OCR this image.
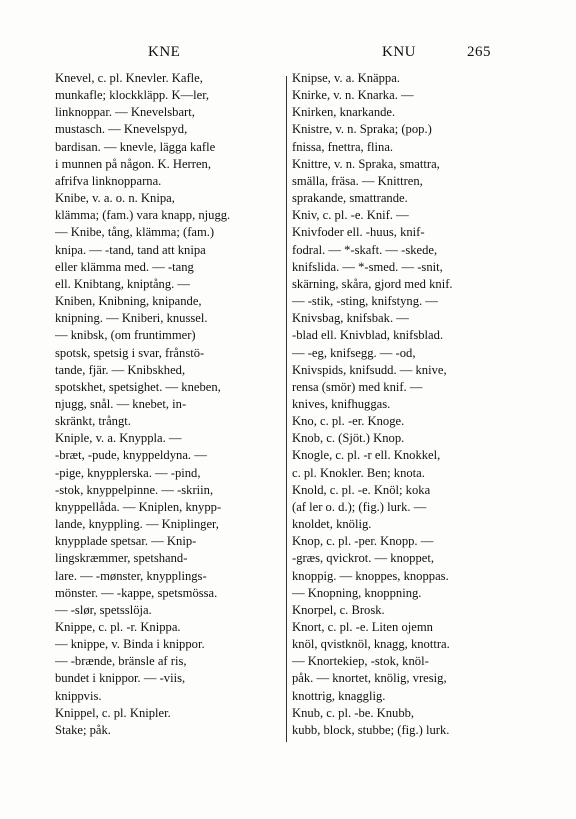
KNE	KNU	265
Knevel, c. pl. Knevler. Kafle,
munkafle; klockkläpp. K—ler,
linknoppar. — Knevelsbart,
mustasch. — Knevelspyd,
bardisan. — knevle, lägga kafle
i munnen på någon. K. Herren,
afrifva linknopparna.
Knibe, v. a. o. n. Knipa,
klämma; (fam.) vara knapp, njugg.
— Knibe, tång, klämma; (fam.)
knipa. — -tand, tand att knipa
eller klämma med. — -tang
ell. Knibtang, kniptång. —
Kniben, Knibning, knipande,
knipning. — Kniberi, knussel.
— knibsk, (om fruntimmer)
spotsk, spetsig i svar, frånstö-
tande, fjär. — Knibskhed,
spotskhet, spetsighet. — kneben,
njugg, snål. — knebet, in-
skränkt, trångt.
Kniple, v. a. Knyppla. —
-bræt, -pude, knyppeldyna. —
-pige, knypplerska. — -pind,
-stok, knyppelpinne. — -skriin,
knyppellåda. — Kniplen, knypp-
lande, knyppling. — Kniplinger,
knypplade spetsar. — Knip-
lingskræmmer, spetshand-
lare. — -mønster, knypplings-
mönster. — -kappe, spetsmössa.
— -slør, spetsslöja.
Knippe, c. pl. -r. Knippa.
— knippe, v. Binda i knippor.
— -brænde, bränsle af ris,
bundet i knippor. — -viis,
knippvis.
Knippel, c. pl. Knipler.
Stake; påk.
Knipse, v. a. Knäppa.
Knirke, v. n. Knarka. —
Knirken, knarkande.
Knistre, v. n. Spraka; (pop.)
fnissa, fnettra, flina.
Knittre, v. n. Spraka, smattra,
smälla, fräsa. — Knittren,
sprakande, smattrande.
Kniv, c. pl. -e. Knif. —
Knivfoder ell. -huus, knif-
fodral. — *-skaft. — -skede,
knifslida. — *-smed. — -snit,
skärning, skåra, gjord med knif.
— -stik, -sting, knifstyng. —
Knivsbag, knifsbak. —
-blad ell. Knivblad, knifsblad.
— -eg, knifsegg. — -od,
Knivspids, knifsudd. — knive,
rensa (smör) med knif. —
knives, knifhuggas.
Kno, c. pl. -er. Knoge.
Knob, c. (Sjöt.) Knop.
Knogle, c. pl. -r ell. Knokkel,
c. pl. Knokler. Ben; knota.
Knold, c. pl. -e. Knöl; koka
(af ler o. d.); (fig.) lurk. —
knoldet, knölig.
Knop, c. pl. -per. Knopp. —
-græs, qvickrot. — knoppet,
knoppig. — knoppes, knoppas.
— Knopning, knoppning.
Knorpel, c. Brosk.
Knort, c. pl. -e. Liten ojemn
knöl, qvistknöl, knagg, knottra.
— Knortekiep, -stok, knöl-
påk. — knortet, knölig, vresig,
knottrig, knagglig.
Knub, c. pl. -be. Knubb,
kubb, block, stubbe; (fig.) lurk.
